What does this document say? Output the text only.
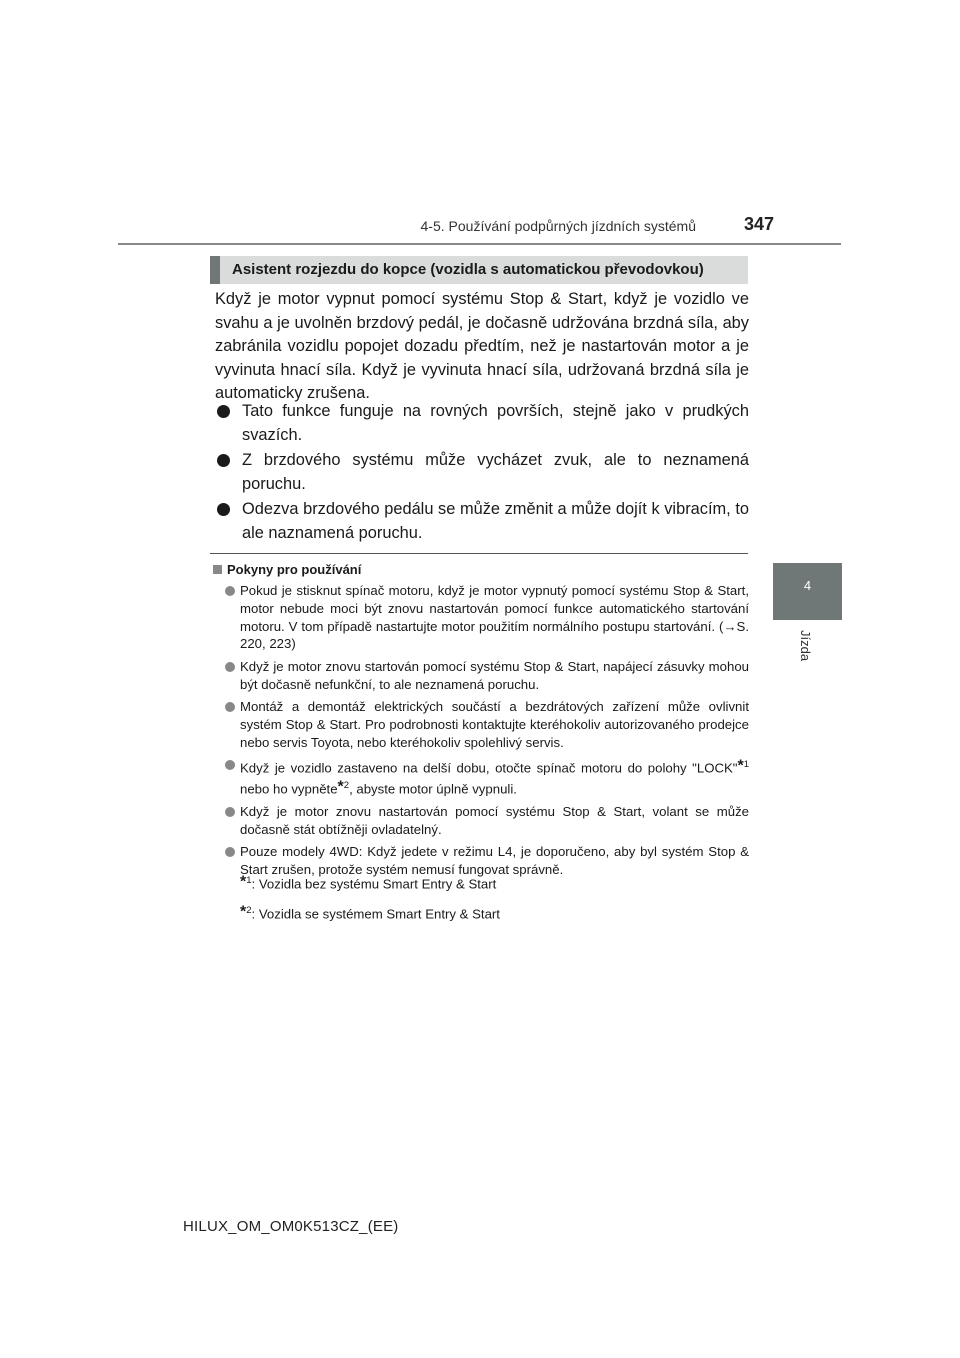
4-5. Používání podpůrných jízdních systémů	347
4
Jízda
Asistent rozjezdu do kopce (vozidla s automatickou převodovkou)

Když je motor vypnut pomocí systému Stop & Start, když je vozidlo ve svahu a je uvolněn brzdový pedál, je dočasně udržována brzdná síla, aby zabránila vozidlu popojet dozadu předtím, než je nastartován motor a je vyvinuta hnací síla. Když je vyvinuta hnací síla, udržovaná brzdná síla je automaticky zrušena.

Tato funkce funguje na rovných površích, stejně jako v prudkých svazích.
Z brzdového systému může vycházet zvuk, ale to neznamená poruchu.
Odezva brzdového pedálu se může změnit a může dojít k vibracím, to ale naznamená poruchu.
Pokyny pro používání
Pokud je stisknut spínač motoru, když je motor vypnutý pomocí systému Stop & Start, motor nebude moci být znovu nastartován pomocí funkce automatického startování motoru. V tom případě nastartujte motor použitím normálního postupu startování. (→S. 220, 223)
Když je motor znovu startován pomocí systému Stop & Start, napájecí zásuvky mohou být dočasně nefunkční, to ale neznamená poruchu.
Montáž a demontáž elektrických součástí a bezdrátových zařízení může ovlivnit systém Stop & Start. Pro podrobnosti kontaktujte kteréhokoliv autorizovaného prodejce nebo servis Toyota, nebo kteréhokoliv spolehlivý servis.
Když je vozidlo zastaveno na delší dobu, otočte spínač motoru do polohy "LOCK"*$^1$ nebo ho vypněte*$^2$, abyste motor úplně vypnuli.
Když je motor znovu nastartován pomocí systému Stop & Start, volant se může dočasně stát obtížněji ovladatelný.
Pouze modely 4WD: Když jedete v režimu L4, je doporučeno, aby byl systém Stop & Start zrušen, protože systém nemusí fungovat správně.
*$^1$: Vozidla bez systému Smart Entry & Start
*$^2$: Vozidla se systémem Smart Entry & Start
HILUX_OM_OM0K513CZ_(EE)
